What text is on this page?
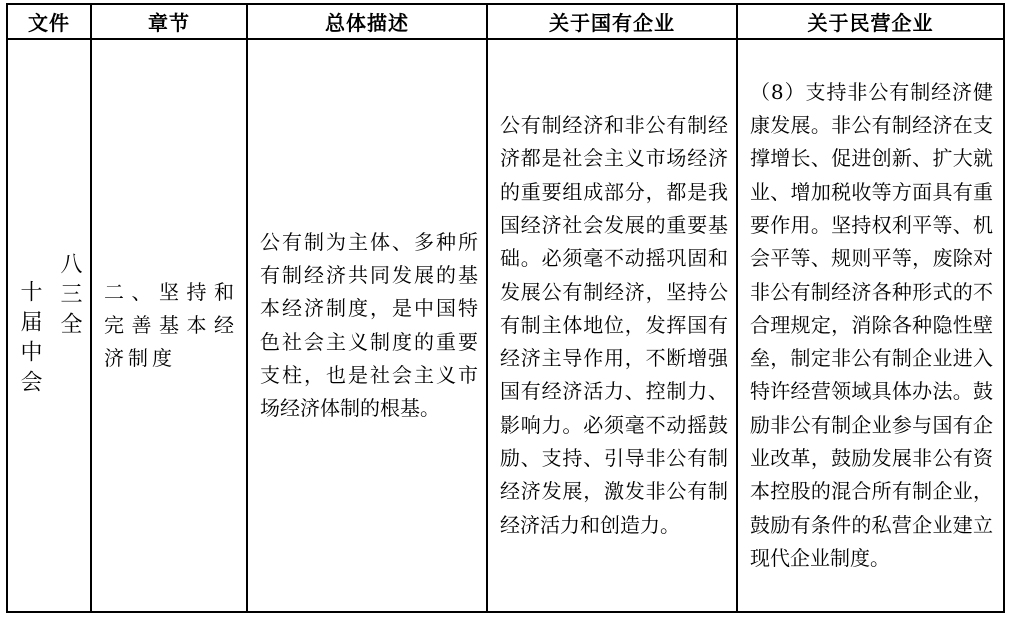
文件	章节	总体描述	关于国有企业	关于民营企业

十届中会 八三全	二、坚持和完善基本经济制度	公有制为主体、多种所有制经济共同发展的基本经济制度，是中国特色社会主义制度的重要支柱，也是社会主义市场经济体制的根基。	公有制经济和非公有制经济都是社会主义市场经济的重要组成部分，都是我国经济社会发展的重要基础。必须毫不动摇巩固和发展公有制经济，坚持公有制主体地位，发挥国有经济主导作用，不断增强国有经济活力、控制力、影响力。必须毫不动摇鼓励、支持、引导非公有制经济发展，激发非公有制经济活力和创造力。	（8）支持非公有制经济健康发展。非公有制经济在支撑增长、促进创新、扩大就业、增加税收等方面具有重要作用。坚持权利平等、机会平等、规则平等，废除对非公有制经济各种形式的不合理规定，消除各种隐性壁垒，制定非公有制企业进入特许经营领域具体办法。鼓励非公有制企业参与国有企业改革，鼓励发展非公有资本控股的混合所有制企业，鼓励有条件的私营企业建立现代企业制度。
